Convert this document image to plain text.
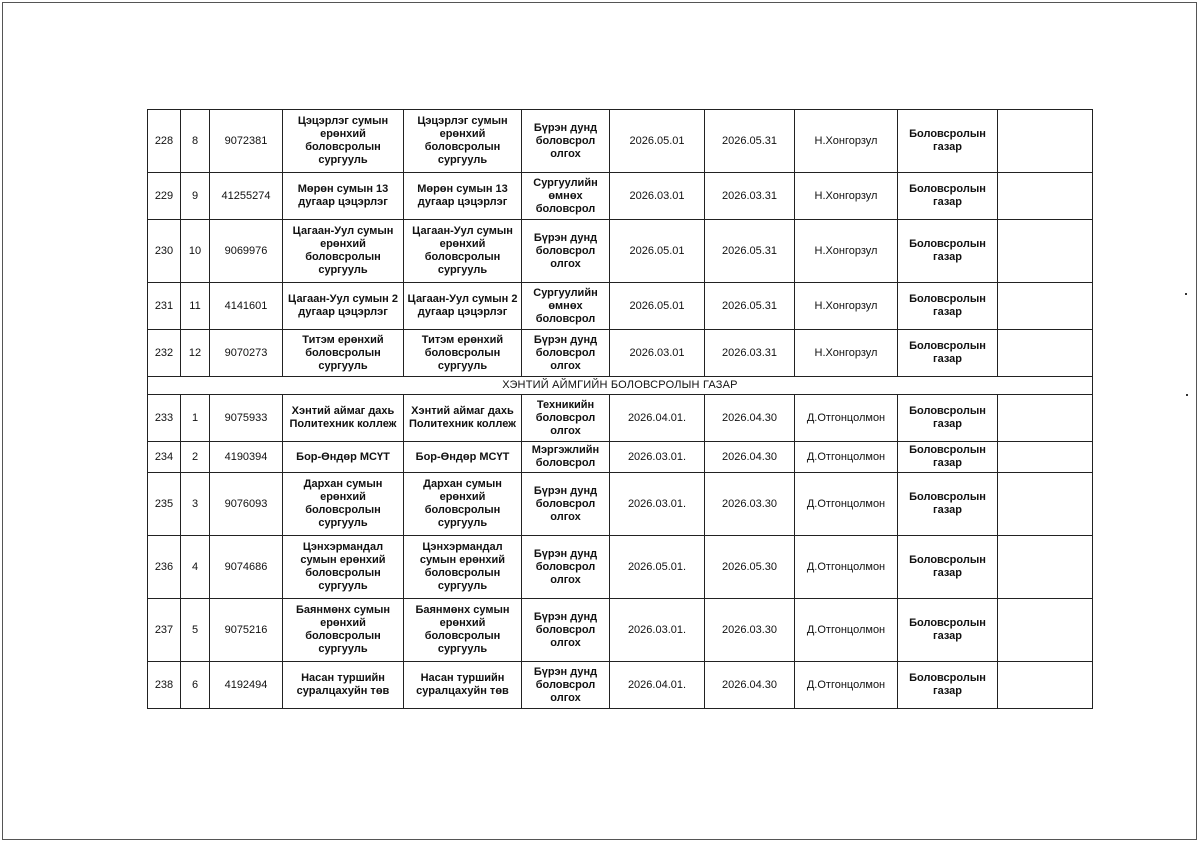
228	8	9072381	Цэцэрлэг сумын ерөнхий боловсролын сургууль	Цэцэрлэг сумын ерөнхий боловсролын сургууль	Бүрэн дунд боловсрол олгох	2026.05.01	2026.05.31	Н.Хонгорзул	Боловсролын газар	
229	9	41255274	Мөрөн сумын 13 дугаар цэцэрлэг	Мөрөн сумын 13 дугаар цэцэрлэг	Сургуулийн өмнөх боловсрол	2026.03.01	2026.03.31	Н.Хонгорзул	Боловсролын газар	
230	10	9069976	Цагаан-Уул сумын ерөнхий боловсролын сургууль	Цагаан-Уул сумын ерөнхий боловсролын сургууль	Бүрэн дунд боловсрол олгох	2026.05.01	2026.05.31	Н.Хонгорзул	Боловсролын газар	
231	11	4141601	Цагаан-Уул сумын 2 дугаар цэцэрлэг	Цагаан-Уул сумын 2 дугаар цэцэрлэг	Сургуулийн өмнөх боловсрол	2026.05.01	2026.05.31	Н.Хонгорзул	Боловсролын газар	
232	12	9070273	Титэм ерөнхий боловсролын сургууль	Титэм ерөнхий боловсролын сургууль	Бүрэн дунд боловсрол олгох	2026.03.01	2026.03.31	Н.Хонгорзул	Боловсролын газар	
ХЭНТИЙ АЙМГИЙН БОЛОВСРОЛЫН ГАЗАР										
233	1	9075933	Хэнтий аймаг дахь Политехник коллеж	Хэнтий аймаг дахь Политехник коллеж	Техникийн боловсрол олгох	2026.04.01.	2026.04.30	Д.Отгонцолмон	Боловсролын газар	
234	2	4190394	Бор-Өндөр МСҮТ	Бор-Өндөр МСҮТ	Мэргэжлийн боловсрол	2026.03.01.	2026.04.30	Д.Отгонцолмон	Боловсролын газар	
235	3	9076093	Дархан сумын ерөнхий боловсролын сургууль	Дархан сумын ерөнхий боловсролын сургууль	Бүрэн дунд боловсрол олгох	2026.03.01.	2026.03.30	Д.Отгонцолмон	Боловсролын газар	
236	4	9074686	Цэнхэрмандал сумын ерөнхий боловсролын сургууль	Цэнхэрмандал сумын ерөнхий боловсролын сургууль	Бүрэн дунд боловсрол олгох	2026.05.01.	2026.05.30	Д.Отгонцолмон	Боловсролын газар	
237	5	9075216	Баянмөнх сумын ерөнхий боловсролын сургууль	Баянмөнх сумын ерөнхий боловсролын сургууль	Бүрэн дунд боловсрол олгох	2026.03.01.	2026.03.30	Д.Отгонцолмон	Боловсролын газар	
238	6	4192494	Насан туршийн суралцахуйн төв	Насан туршийн суралцахуйн төв	Бүрэн дунд боловсрол олгох	2026.04.01.	2026.04.30	Д.Отгонцолмон	Боловсролын газар	
